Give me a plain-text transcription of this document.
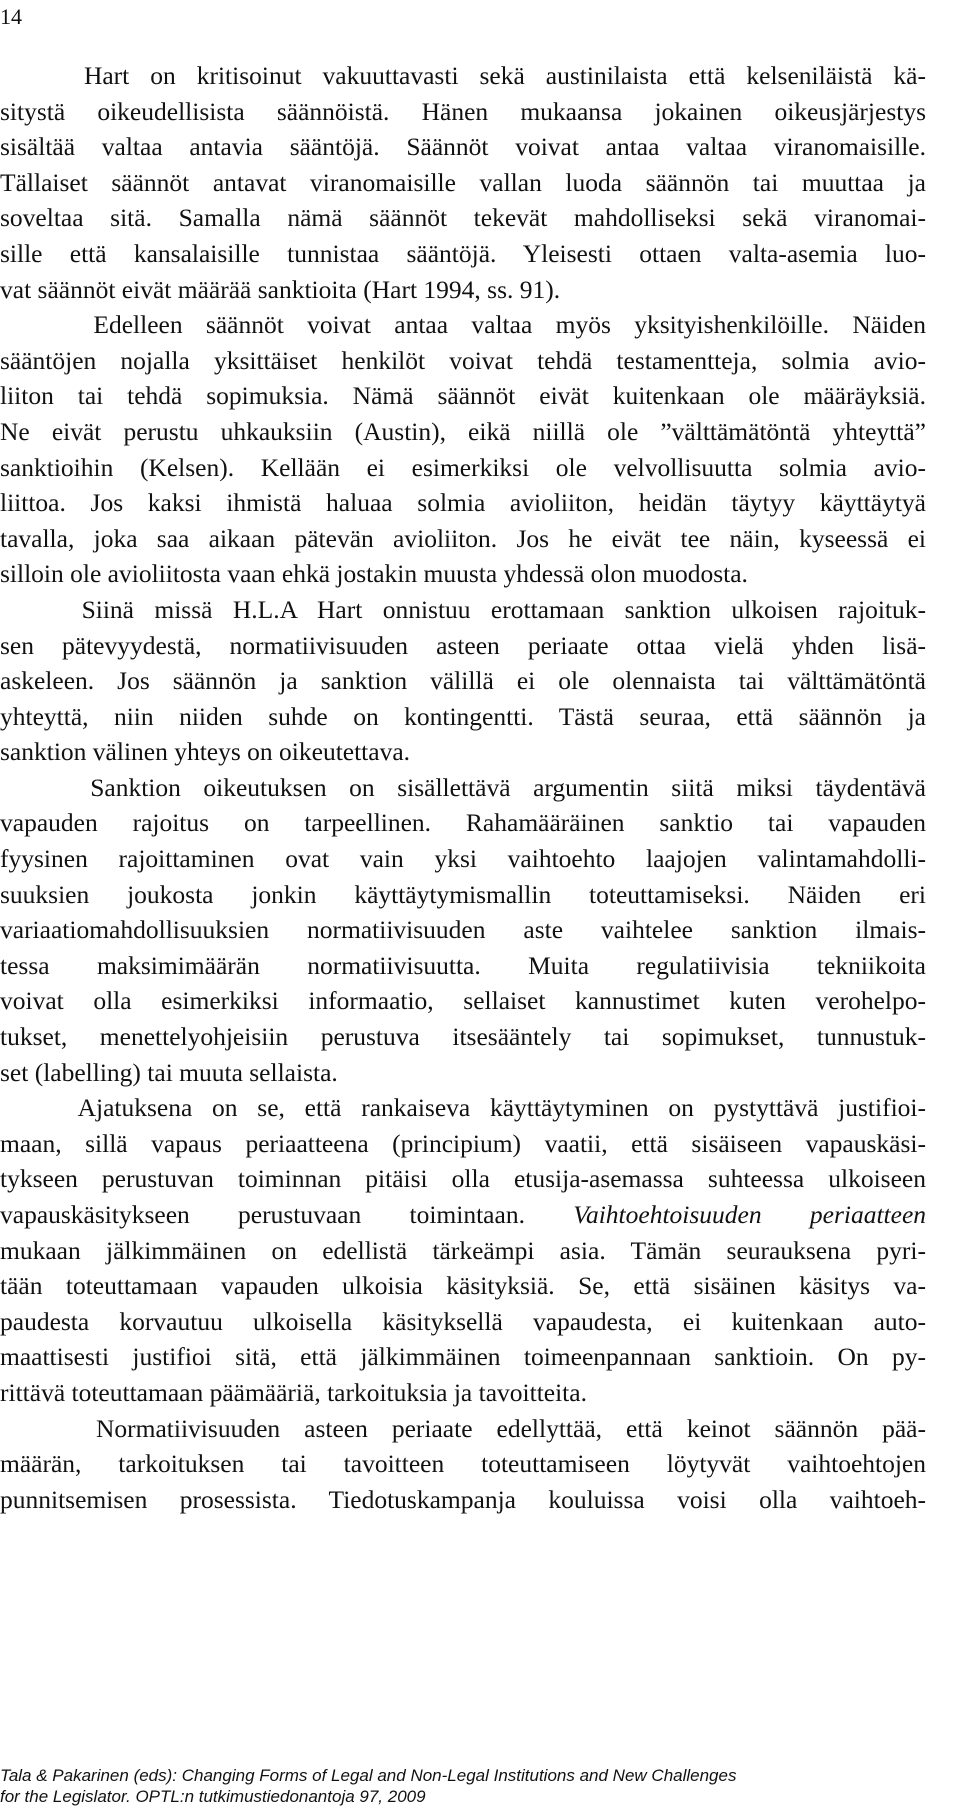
14
Hart on kritisoinut vakuuttavasti sekä austinilaista että kelseniläistä kä-
sitystä oikeudellisista säännöistä. Hänen mukaansa jokainen oikeusjärjestys
sisältää valtaa antavia sääntöjä. Säännöt voivat antaa valtaa viranomaisille.
Tällaiset säännöt antavat viranomaisille vallan luoda säännön tai muuttaa ja
soveltaa sitä. Samalla nämä säännöt tekevät mahdolliseksi sekä viranomai-
sille että kansalaisille tunnistaa sääntöjä. Yleisesti ottaen valta-asemia luo-
vat säännöt eivät määrää sanktioita (Hart 1994, ss. 91).
Edelleen säännöt voivat antaa valtaa myös yksityishenkilöille. Näiden
sääntöjen nojalla yksittäiset henkilöt voivat tehdä testamentteja, solmia avio-
liiton tai tehdä sopimuksia. Nämä säännöt eivät kuitenkaan ole määräyksiä.
Ne eivät perustu uhkauksiin (Austin), eikä niillä ole ”välttämätöntä yhteyttä”
sanktioihin (Kelsen). Kellään ei esimerkiksi ole velvollisuutta solmia avio-
liittoa. Jos kaksi ihmistä haluaa solmia avioliiton, heidän täytyy käyttäytyä
tavalla, joka saa aikaan pätevän avioliiton. Jos he eivät tee näin, kyseessä ei
silloin ole avioliitosta vaan ehkä jostakin muusta yhdessä olon muodosta.
Siinä missä H.L.A Hart onnistuu erottamaan sanktion ulkoisen rajoituk-
sen pätevyydestä, normatiivisuuden asteen periaate ottaa vielä yhden lisä-
askeleen. Jos säännön ja sanktion välillä ei ole olennaista tai välttämätöntä
yhteyttä, niin niiden suhde on kontingentti. Tästä seuraa, että säännön ja
sanktion välinen yhteys on oikeutettava.
Sanktion oikeutuksen on sisällettävä argumentin siitä miksi täydentävä
vapauden rajoitus on tarpeellinen. Rahamääräinen sanktio tai vapauden
fyysinen rajoittaminen ovat vain yksi vaihtoehto laajojen valintamahdolli-
suuksien joukosta jonkin käyttäytymismallin toteuttamiseksi. Näiden eri
variaatiomahdollisuuksien normatiivisuuden aste vaihtelee sanktion ilmais-
tessa maksimimäärän normatiivisuutta. Muita regulatiivisia tekniikoita
voivat olla esimerkiksi informaatio, sellaiset kannustimet kuten verohelpo-
tukset, menettelyohjeisiin perustuva itsesääntely tai sopimukset, tunnustuk-
set (labelling) tai muuta sellaista.
Ajatuksena on se, että rankaiseva käyttäytyminen on pystyttävä justifioi-
maan, sillä vapaus periaatteena (principium) vaatii, että sisäiseen vapauskäsi-
tykseen perustuvan toiminnan pitäisi olla etusija-asemassa suhteessa ulkoiseen
vapauskäsitykseen perustuvaan toimintaan. Vaihtoehtoisuuden periaatteen
mukaan jälkimmäinen on edellistä tärkeämpi asia. Tämän seurauksena pyri-
tään toteuttamaan vapauden ulkoisia käsityksiä. Se, että sisäinen käsitys va-
paudesta korvautuu ulkoisella käsityksellä vapaudesta, ei kuitenkaan auto-
maattisesti justifioi sitä, että jälkimmäinen toimeenpannaan sanktioin. On py-
rittävä toteuttamaan päämääriä, tarkoituksia ja tavoitteita.
Normatiivisuuden asteen periaate edellyttää, että keinot säännön pää-
määrän, tarkoituksen tai tavoitteen toteuttamiseen löytyvät vaihtoehtojen
punnitsemisen prosessista. Tiedotuskampanja kouluissa voisi olla vaihtoeh-
Tala & Pakarinen (eds): Changing Forms of Legal and Non-Legal Institutions and New Challenges
for the Legislator. OPTL:n tutkimustiedonantoja 97, 2009
